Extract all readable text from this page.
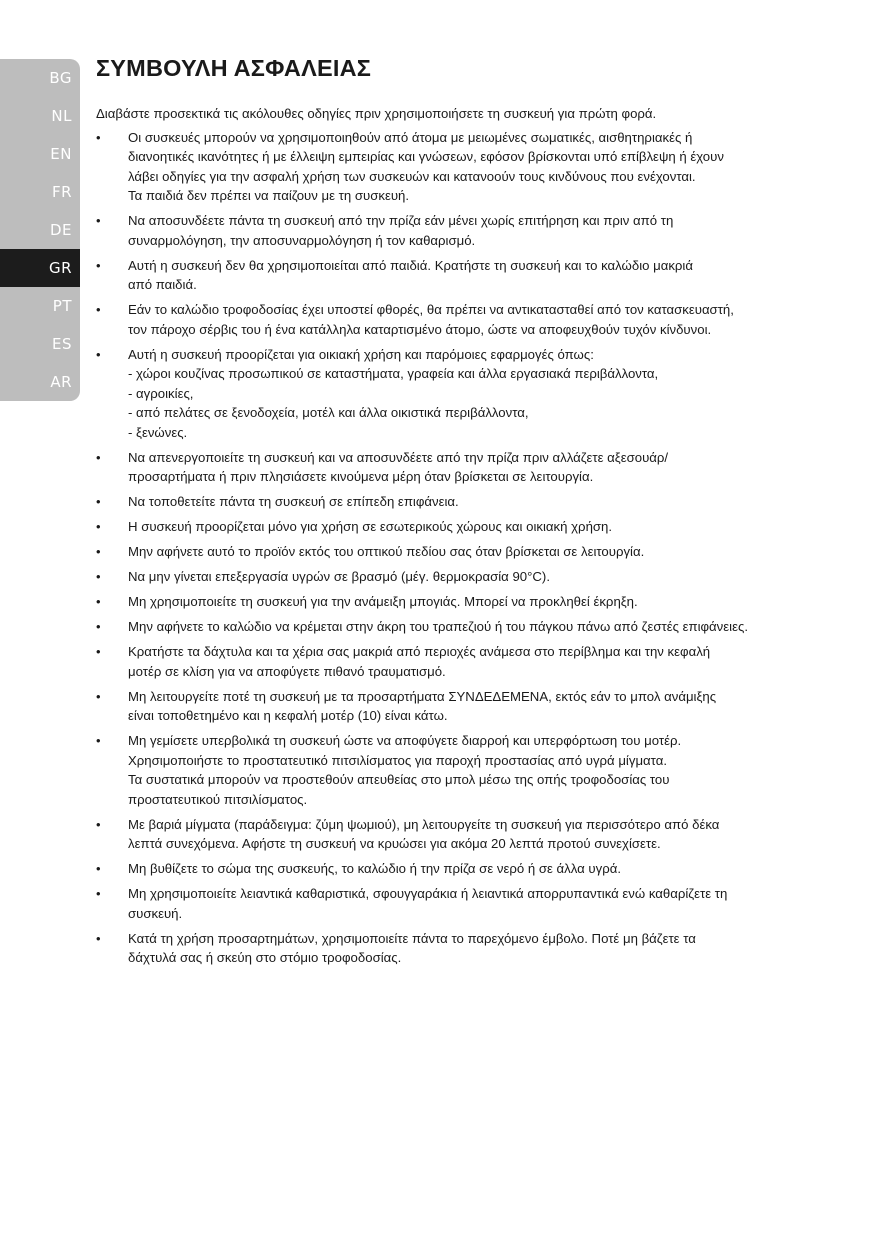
BG
NL
EN
FR
DE
GR
PT
ES
AR
ΣΥΜΒΟΥΛΗ ΑΣΦΑΛΕΙΑΣ

Διαβάστε προσεκτικά τις ακόλουθες οδηγίες πριν χρησιμοποιήσετε τη συσκευή για πρώτη φορά.

• Οι συσκευές μπορούν να χρησιμοποιηθούν από άτομα με μειωμένες σωματικές, αισθητηριακές ή
διανοητικές ικανότητες ή με έλλειψη εμπειρίας και γνώσεων, εφόσον βρίσκονται υπό επίβλεψη ή έχουν
λάβει οδηγίες για την ασφαλή χρήση των συσκευών και κατανοούν τους κινδύνους που ενέχονται.
Τα παιδιά δεν πρέπει να παίζουν με τη συσκευή.
• Να αποσυνδέετε πάντα τη συσκευή από την πρίζα εάν μένει χωρίς επιτήρηση και πριν από τη
συναρμολόγηση, την αποσυναρμολόγηση ή τον καθαρισμό.
• Αυτή η συσκευή δεν θα χρησιμοποιείται από παιδιά. Κρατήστε τη συσκευή και το καλώδιο μακριά
από παιδιά.
• Εάν το καλώδιο τροφοδοσίας έχει υποστεί φθορές, θα πρέπει να αντικατασταθεί από τον κατασκευαστή,
τον πάροχο σέρβις του ή ένα κατάλληλα καταρτισμένο άτομο, ώστε να αποφευχθούν τυχόν κίνδυνοι.
• Αυτή η συσκευή προορίζεται για οικιακή χρήση και παρόμοιες εφαρμογές όπως:
- χώροι κουζίνας προσωπικού σε καταστήματα, γραφεία και άλλα εργασιακά περιβάλλοντα,
- αγροικίες,
- από πελάτες σε ξενοδοχεία, μοτέλ και άλλα οικιστικά περιβάλλοντα,
- ξενώνες.
• Να απενεργοποιείτε τη συσκευή και να αποσυνδέετε από την πρίζα πριν αλλάζετε αξεσουάρ/
προσαρτήματα ή πριν πλησιάσετε κινούμενα μέρη όταν βρίσκεται σε λειτουργία.
• Να τοποθετείτε πάντα τη συσκευή σε επίπεδη επιφάνεια.
• Η συσκευή προορίζεται μόνο για χρήση σε εσωτερικούς χώρους και οικιακή χρήση.
• Μην αφήνετε αυτό το προϊόν εκτός του οπτικού πεδίου σας όταν βρίσκεται σε λειτουργία.
• Να μην γίνεται επεξεργασία υγρών σε βρασμό (μέγ. θερμοκρασία 90°C).
• Μη χρησιμοποιείτε τη συσκευή για την ανάμειξη μπογιάς. Μπορεί να προκληθεί έκρηξη.
• Μην αφήνετε το καλώδιο να κρέμεται στην άκρη του τραπεζιού ή του πάγκου πάνω από ζεστές επιφάνειες.
• Κρατήστε τα δάχτυλα και τα χέρια σας μακριά από περιοχές ανάμεσα στο περίβλημα και την κεφαλή
μοτέρ σε κλίση για να αποφύγετε πιθανό τραυματισμό.
• Μη λειτουργείτε ποτέ τη συσκευή με τα προσαρτήματα ΣΥΝΔΕΔΕΜΕΝΑ, εκτός εάν το μπολ ανάμιξης
είναι τοποθετημένο και η κεφαλή μοτέρ (10) είναι κάτω.
• Μη γεμίσετε υπερβολικά τη συσκευή ώστε να αποφύγετε διαρροή και υπερφόρτωση του μοτέρ.
Χρησιμοποιήστε το προστατευτικό πιτσιλίσματος για παροχή προστασίας από υγρά μίγματα.
Τα συστατικά μπορούν να προστεθούν απευθείας στο μπολ μέσω της οπής τροφοδοσίας του
προστατευτικού πιτσιλίσματος.
• Με βαριά μίγματα (παράδειγμα: ζύμη ψωμιού), μη λειτουργείτε τη συσκευή για περισσότερο από δέκα
λεπτά συνεχόμενα. Αφήστε τη συσκευή να κρυώσει για ακόμα 20 λεπτά προτού συνεχίσετε.
• Μη βυθίζετε το σώμα της συσκευής, το καλώδιο ή την πρίζα σε νερό ή σε άλλα υγρά.
• Μη χρησιμοποιείτε λειαντικά καθαριστικά, σφουγγαράκια ή λειαντικά απορρυπαντικά ενώ καθαρίζετε τη
συσκευή.
• Κατά τη χρήση προσαρτημάτων, χρησιμοποιείτε πάντα το παρεχόμενο έμβολο. Ποτέ μη βάζετε τα
δάχτυλά σας ή σκεύη στο στόμιο τροφοδοσίας.
